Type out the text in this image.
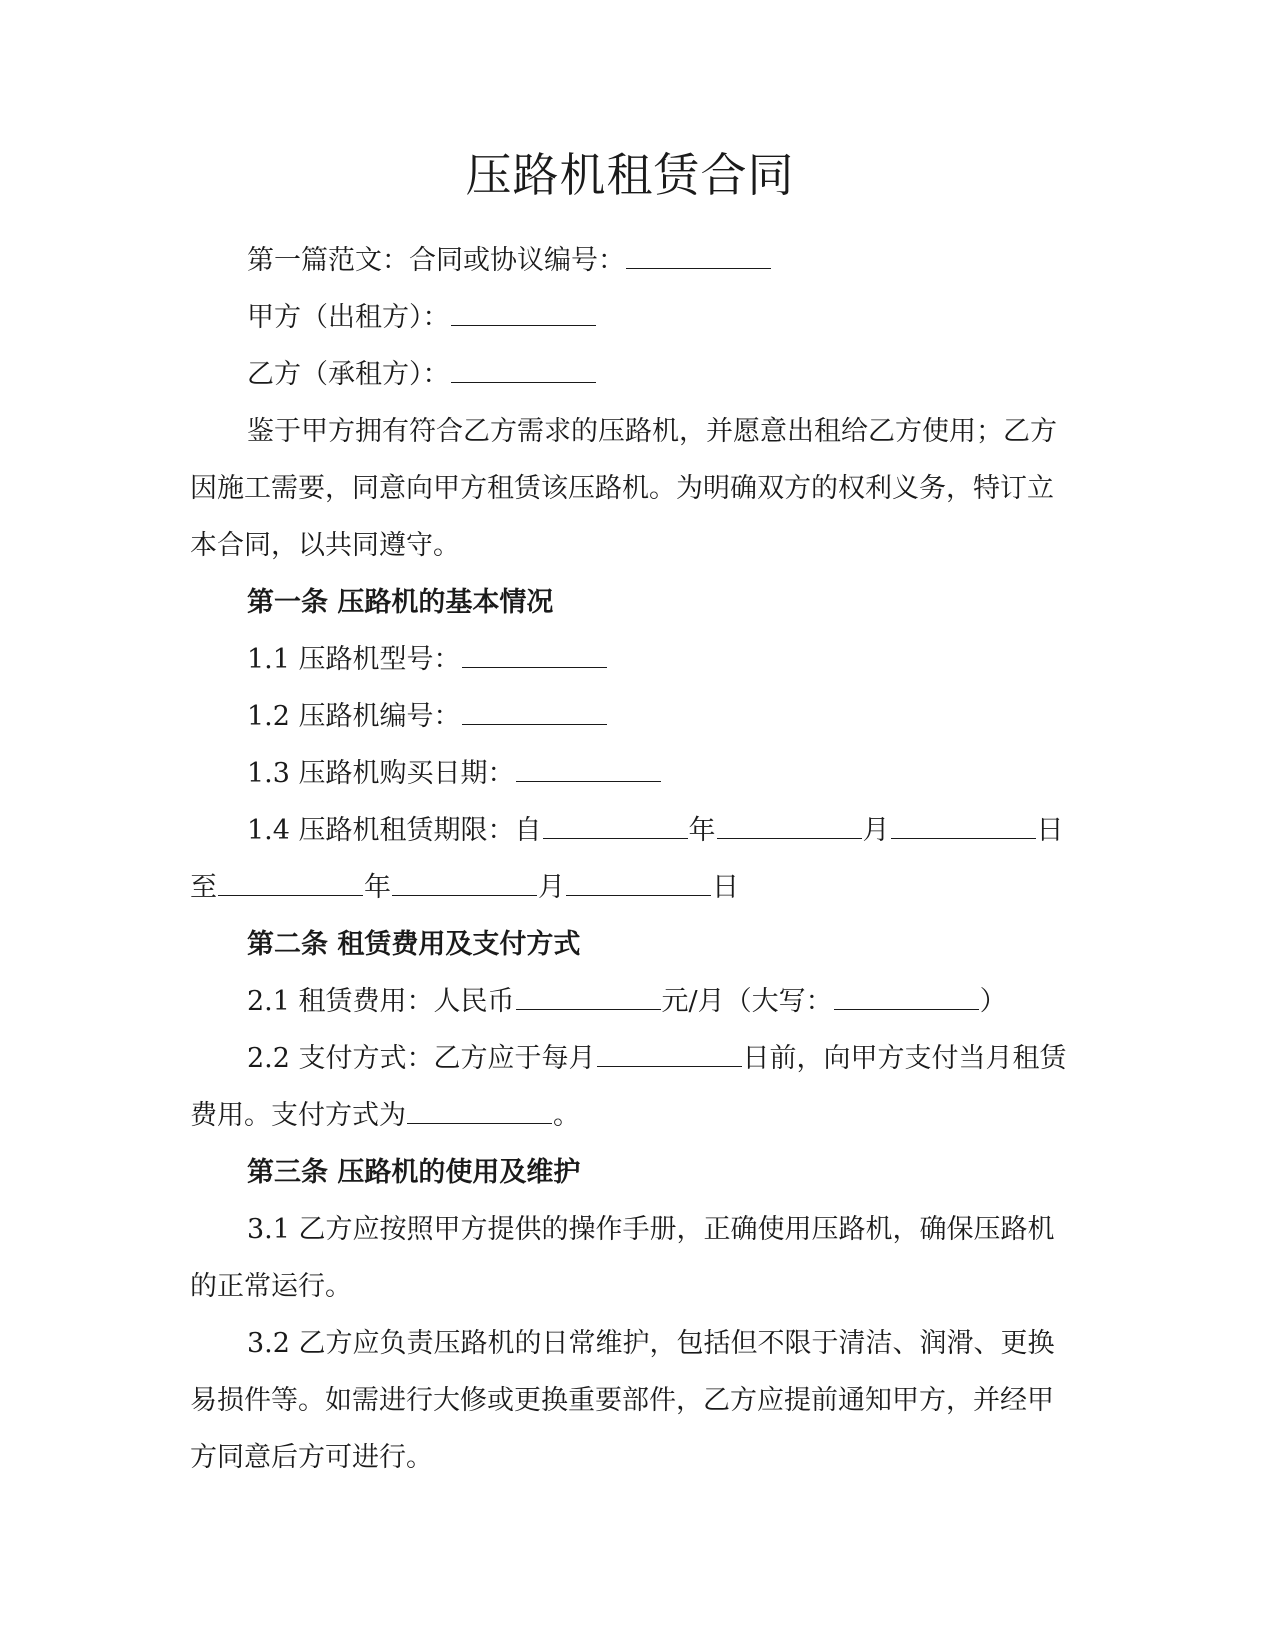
压路机租赁合同

第一篇范文：合同或协议编号：

甲方（出租方）：

乙方（承租方）：

鉴于甲方拥有符合乙方需求的压路机，并愿意出租给乙方使用；乙方因施工需要，同意向甲方租赁该压路机。为明确双方的权利义务，特订立本合同，以共同遵守。

第一条 压路机的基本情况

1.1 压路机型号：

1.2 压路机编号：

1.3 压路机购买日期：

1.4 压路机租赁期限：自	年	月	日至	年	月	日

第二条 租赁费用及支付方式

2.1 租赁费用：人民币	元/月（大写：	）

2.2 支付方式：乙方应于每月	日前，向甲方支付当月租赁费用。支付方式为	。

第三条 压路机的使用及维护

3.1 乙方应按照甲方提供的操作手册，正确使用压路机，确保压路机的正常运行。

3.2 乙方应负责压路机的日常维护，包括但不限于清洁、润滑、更换易损件等。如需进行大修或更换重要部件，乙方应提前通知甲方，并经甲方同意后方可进行。
